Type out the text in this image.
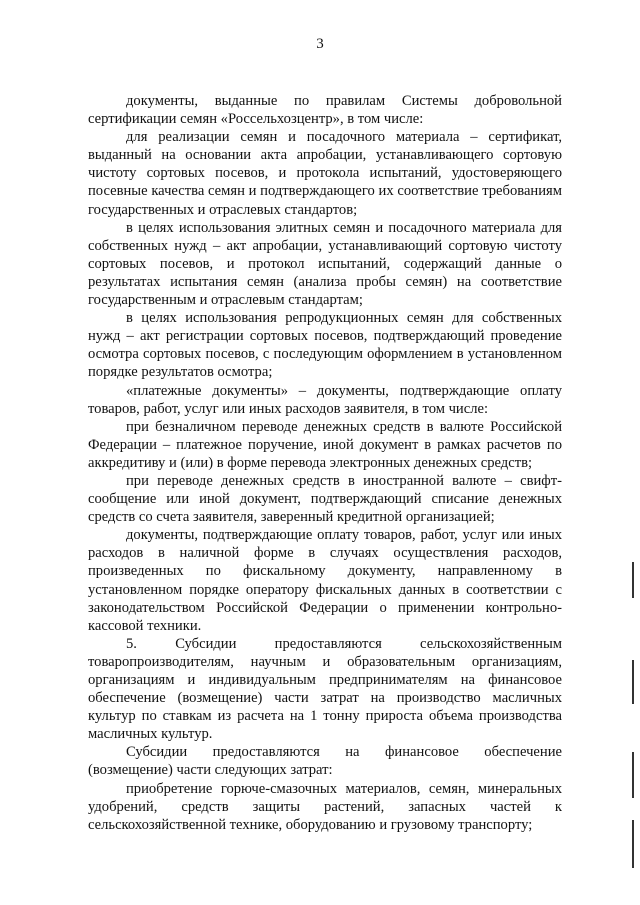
3

документы, выданные по правилам Системы добровольной сертификации семян «Россельхозцентр», в том числе:

для реализации семян и посадочного материала – сертификат, выданный на основании акта апробации, устанавливающего сортовую чистоту сортовых посевов, и протокола испытаний, удостоверяющего посевные качества семян и подтверждающего их соответствие требованиям государственных и отраслевых стандартов;

в целях использования элитных семян и посадочного материала для собственных нужд – акт апробации, устанавливающий сортовую чистоту сортовых посевов, и протокол испытаний, содержащий данные о результатах испытания семян (анализа пробы семян) на соответствие государственным и отраслевым стандартам;

в целях использования репродукционных семян для собственных нужд – акт регистрации сортовых посевов, подтверждающий проведение осмотра сортовых посевов, с последующим оформлением в установленном порядке результатов осмотра;

«платежные документы» – документы, подтверждающие оплату товаров, работ, услуг или иных расходов заявителя, в том числе:

при безналичном переводе денежных средств в валюте Российской Федерации – платежное поручение, иной документ в рамках расчетов по аккредитиву и (или) в форме перевода электронных денежных средств;

при переводе денежных средств в иностранной валюте – свифт-сообщение или иной документ, подтверждающий списание денежных средств со счета заявителя, заверенный кредитной организацией;

документы, подтверждающие оплату товаров, работ, услуг или иных расходов в наличной форме в случаях осуществления расходов, произведенных по фискальному документу, направленному в установленном порядке оператору фискальных данных в соответствии с законодательством Российской Федерации о применении контрольно-кассовой техники.

5. Субсидии предоставляются сельскохозяйственным товаропроизводителям, научным и образовательным организациям, организациям и индивидуальным предпринимателям на финансовое обеспечение (возмещение) части затрат на производство масличных культур по ставкам из расчета на 1 тонну прироста объема производства масличных культур.

Субсидии предоставляются на финансовое обеспечение (возмещение) части следующих затрат:

приобретение горюче-смазочных материалов, семян, минеральных удобрений, средств защиты растений, запасных частей к сельскохозяйственной технике, оборудованию и грузовому транспорту;
